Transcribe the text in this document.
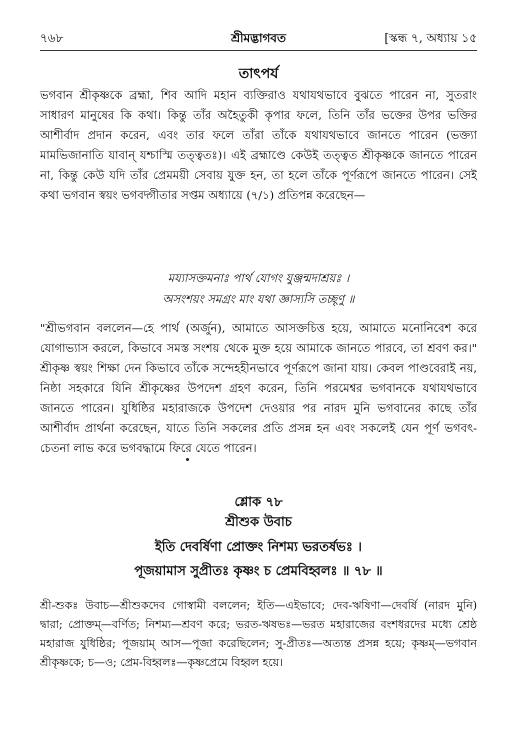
৭৬৮	শ্রীমদ্ভাগবত	[স্কন্ধ ৭, অধ্যায় ১৫
তাৎপর্য

ভগবান শ্রীকৃষ্ণকে ব্রহ্মা, শিব আদি মহান ব্যক্তিরাও যথাযথভাবে বুঝতে পারেন না, সুতরাং সাধারণ মানুষের কি কথা। কিন্তু তাঁর অহৈতুকী কৃপার ফলে, তিনি তাঁর ভক্তের উপর ভক্তির আশীর্বাদ প্রদান করেন, এবং তার ফলে তাঁরা তাঁকে যথাযথভাবে জানতে পারেন (ভক্ত্যা মামভিজানাতি যাবান্ যশ্চাস্মি তত্ত্বতঃ)। এই ব্রহ্মাণ্ডে কেউই তত্ত্বত শ্রীকৃষ্ণকে জানতে পারেন না, কিন্তু কেউ যদি তাঁর প্রেমময়ী সেবায় যুক্ত হন, তা হলে তাঁকে পূর্ণরূপে জানতে পারেন। সেই কথা ভগবান স্বয়ং ভগবদ্গীতার সপ্তম অধ্যায়ে (৭/১) প্রতিপন্ন করেছেন—

ময্যাসক্তমনাঃ পার্থ যোগং যুঞ্জন্মদাশ্রয়ঃ ।
অসংশয়ং সমগ্রং মাং যথা জ্ঞাস্যসি তচ্ছৃণু ॥

"শ্রীভগবান বললেন—হে পার্থ (অর্জুন), আমাতে আসক্তচিত্ত হয়ে, আমাতে মনোনিবেশ করে যোগাভ্যাস করলে, কিভাবে সমস্ত সংশয় থেকে মুক্ত হয়ে আমাকে জানতে পারবে, তা শ্রবণ কর।" শ্রীকৃষ্ণ স্বয়ং শিক্ষা দেন কিভাবে তাঁকে সন্দেহহীনভাবে পূর্ণরূপে জানা যায়। কেবল পাণ্ডবেরাই নয়, নিষ্ঠা সহকারে যিনি শ্রীকৃষ্ণের উপদেশ গ্রহণ করেন, তিনি পরমেশ্বর ভগবানকে যথাযথভাবে জানতে পারেন। যুধিষ্ঠির মহারাজকে উপদেশ দেওয়ার পর নারদ মুনি ভগবানের কাছে তাঁর আশীর্বাদ প্রার্থনা করেছেন, যাতে তিনি সকলের প্রতি প্রসন্ন হন এবং সকলেই যেন পূর্ণ ভগবৎ-চেতনা লাভ করে ভগবদ্ধামে ফিরে যেতে পারেন।

শ্লোক ৭৮
শ্রীশুক উবাচ
ইতি দেবর্ষিণা প্রোক্তং নিশম্য ভরতর্ষভঃ ।
পূজয়ামাস সুপ্রীতঃ কৃষ্ণং চ প্রেমবিহ্বলঃ ॥ ৭৮ ॥

শ্রী-শুকঃ উবাচ—শ্রীশুকদেব গোস্বামী বললেন; ইতি—এইভাবে; দেব-ঋষিণা—দেবর্ষি (নারদ মুনি) দ্বারা; প্রোক্তম্—বর্ণিত; নিশম্য—শ্রবণ করে; ভরত-ঋষভঃ—ভরত মহারাজের বংশধরদের মধ্যে শ্রেষ্ঠ মহারাজ যুধিষ্ঠির; পূজয়াম্ আস—পূজা করেছিলেন; সু-প্রীতঃ—অত্যন্ত প্রসন্ন হয়ে; কৃষ্ণম্—ভগবান শ্রীকৃষ্ণকে; চ—ও; প্রেম-বিহ্বলঃ—কৃষ্ণপ্রেমে বিহ্বল হয়ে।
